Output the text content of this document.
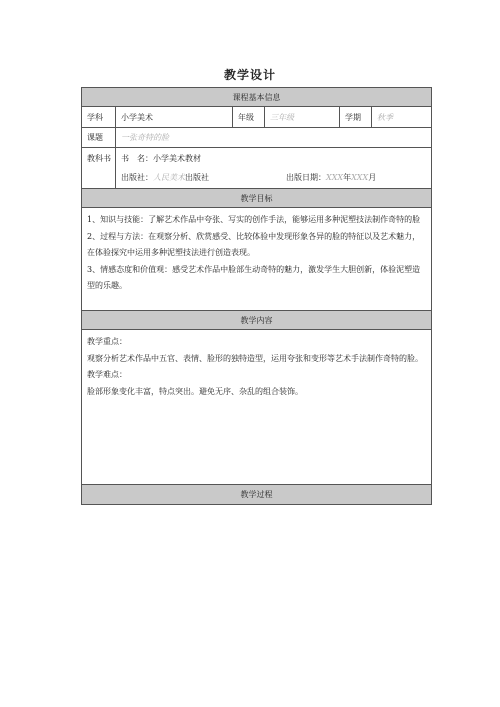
教学设计
课程基本信息
学科	小学美术	年级	三年级	学期	秋季
课题	一张奇特的脸
教科书	书　名：小学美术教材
出版社：人民美术出版社	出版日期：XXX年XXX月
教学目标

1、知识与技能：了解艺术作品中夸张、写实的创作手法，能够运用多种泥塑技法制作奇特的脸

2、过程与方法：在观察分析、欣赏感受、比较体验中发现形象各异的脸的特征以及艺术魅力，在体验探究中运用多种泥塑技法进行创造表现。

3、情感态度和价值观：感受艺术作品中脸部生动奇特的魅力，激发学生大胆创新，体验泥塑造型的乐趣。

教学内容

教学重点：

观察分析艺术作品中五官、表情、脸形的独特造型，运用夸张和变形等艺术手法制作奇特的脸。

教学难点：

脸部形象变化丰富，特点突出。避免无序、杂乱的组合装饰。

教学过程
